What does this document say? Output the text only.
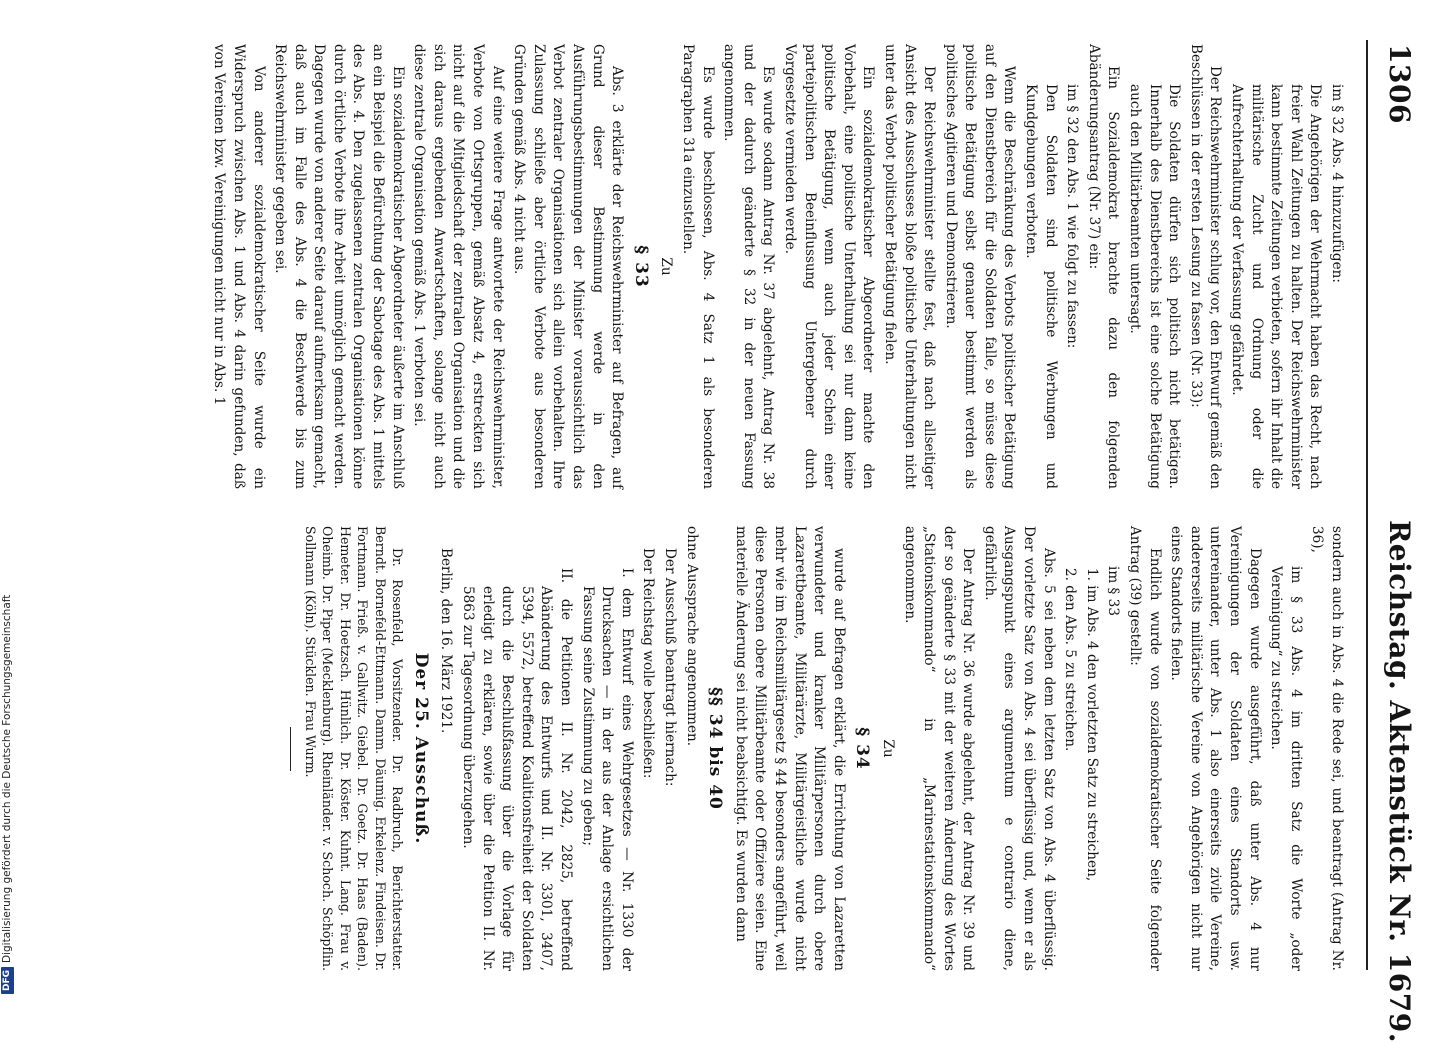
1306
Reichstag. Aktenstück Nr. 1679.

im § 32 Abs. 4 hinzuzufügen:

Die Angehörigen der Wehrmacht haben das Recht, nach freier Wahl Zeitungen zu halten. Der Reichswehrminister kann bestimmte Zeitungen verbieten, sofern ihr Inhalt die militärische Zucht und Ordnung oder die Aufrechterhaltung der Verfassung gefährdet.

Der Reichswehrminister schlug vor, den Entwurf gemäß den Beschlüssen in der ersten Lesung zu fassen (Nr. 33):

Die Soldaten dürfen sich politisch nicht betätigen. Innerhalb des Dienstbereichs ist eine solche Betätigung auch den Militärbeamten untersagt.

Ein Sozialdemokrat brachte dazu den folgenden Abänderungsantrag (Nr. 37) ein:

im § 32 den Abs. 1 wie folgt zu fassen:

Den Soldaten sind politische Werbungen und Kundgebungen verboten.

Wenn die Beschränkung des Verbots politischer Betätigung auf den Dienstbereich für die Soldaten falle, so müsse diese politische Betätigung selbst genauer bestimmt werden als politisches Agitieren und Demonstrieren.

Der Reichswehrminister stellte fest, daß nach allseitiger Ansicht des Ausschusses bloße politische Unterhaltungen nicht unter das Verbot politischer Betätigung fielen.

Ein sozialdemokratischer Abgeordneter machte den Vorbehalt, eine politische Unterhaltung sei nur dann keine politische Betätigung, wenn auch jeder Schein einer parteipolitischen Beeinflussung Untergebener durch Vorgesetzte vermieden werde.

Es wurde sodann Antrag Nr. 37 abgelehnt, Antrag Nr. 38 und der dadurch geänderte § 32 in der neuen Fassung angenommen.

Es wurde beschlossen, Abs. 4 Satz 1 als besonderen Paragraphen 31a einzustellen.

Zu

§ 33

Abs. 3 erklärte der Reichswehrminister auf Befragen, auf Grund dieser Bestimmung werde in den Ausführungsbestimmungen der Minister voraussichtlich das Verbot zentraler Organisationen sich allein vorbehalten. Ihre Zulassung schließe aber örtliche Verbote aus besonderen Gründen gemäß Abs. 4 nicht aus.

Auf eine weitere Frage antwortete der Reichswehrminister, Verbote von Ortsgruppen, gemäß Absatz 4, erstreckten sich nicht auf die Mitgliedschaft der zentralen Organisation und die sich daraus ergebenden Anwartschaften, solange nicht auch diese zentrale Organisation gemäß Abs. 1 verboten sei.

Ein sozialdemokratischer Abgeordneter äußerte im Anschluß an ein Beispiel die Befürchtung der Sabotage des Abs. 1 mittels des Abs. 4. Den zugelassenen zentralen Organisationen könne durch örtliche Verbote ihre Arbeit unmöglich gemacht werden. Dagegen wurde von anderer Seite darauf aufmerksam gemacht, daß auch im Falle des Abs. 4 die Beschwerde bis zum Reichswehrminister gegeben sei.

Von anderer sozialdemokratischer Seite wurde ein Widerspruch zwischen Abs. 1 und Abs. 4 darin gefunden, daß von Vereinen bzw. Vereinigungen nicht nur in Abs. 1

sondern auch in Abs. 4 die Rede sei, und beantragt (Antrag Nr. 36),

im § 33 Abs. 4 im dritten Satz die Worte „oder Vereinigung“ zu streichen.

Dagegen wurde ausgeführt, daß unter Abs. 4 nur Vereinigungen der Soldaten eines Standorts usw. untereinander, unter Abs. 1 also einerseits zivile Vereine, andererseits militärische Vereine von Angehörigen nicht nur eines Standorts fielen.

Endlich wurde von sozialdemokratischer Seite folgender Antrag (39) gestellt:

im § 33

1. im Abs. 4 den vorletzten Satz zu streichen,

2. den Abs. 5 zu streichen.

Abs. 5 sei neben dem letzten Satz von Abs. 4 überflüssig. Der vorletzte Satz von Abs. 4 sei überflüssig und, wenn er als Ausgangspunkt eines argumentum e contrario diene, gefährlich.

Der Antrag Nr. 36 wurde abgelehnt, der Antrag Nr. 39 und der so geänderte § 33 mit der weiteren Änderung des Wortes „Stationskommando“ in „Marinestationskommando“ angenommen.

Zu

§ 34

wurde auf Befragen erklärt, die Errichtung von Lazaretten verwundeter und kranker Militärpersonen durch obere Lazarettbeamte, Militärärzte, Militärgeistliche wurde nicht mehr wie im Reichsmilitärgesetz § 44 besonders angeführt, weil diese Personen obere Militärbeamte oder Offiziere seien. Eine materielle Änderung sei nicht beabsichtigt. Es wurden dann

§§ 34 bis 40

ohne Aussprache angenommen.

Der Ausschuß beantragt hiernach:

Der Reichstag wolle beschließen:

I. dem Entwurf eines Wehrgesetzes — Nr. 1330 der Drucksachen — in der aus der Anlage ersichtlichen Fassung seine Zustimmung zu geben;

II. die Petitionen II. Nr. 2042, 2825, betreffend Abänderung des Entwurfs und II. Nr. 3301, 3407, 5394, 5572, betreffend Koalitionsfreiheit der Soldaten durch die Beschlußfassung über die Vorlage für erledigt zu erklären, sowie über die Petition II. Nr. 5863 zur Tagesordnung überzugehen.

Berlin, den 16. März 1921.

Der 25. Ausschuß.

Dr. Rosenfeld, Vorsitzender. Dr. Radbruch, Berichterstatter. Berndt. Bornefeld-Ettmann. Damm. Däumig. Erkelenz. Findeisen. Dr. Fortmann. Frieß. v. Gallwitz. Giebel. Dr. Goetz. Dr. Haas (Baden). Hemeter. Dr. Hoetzsch. Hünlich. Dr. Köster. Kuhnt. Lang. Frau v. Oheimb. Dr. Piper (Mecklenburg). Rheinländer. v. Schoch. Schöpflin. Sollmann (Köln). Stücklen. Frau Wurm.

DFG
Digitalisierung gefördert durch die Deutsche Forschungsgemeinschaft
